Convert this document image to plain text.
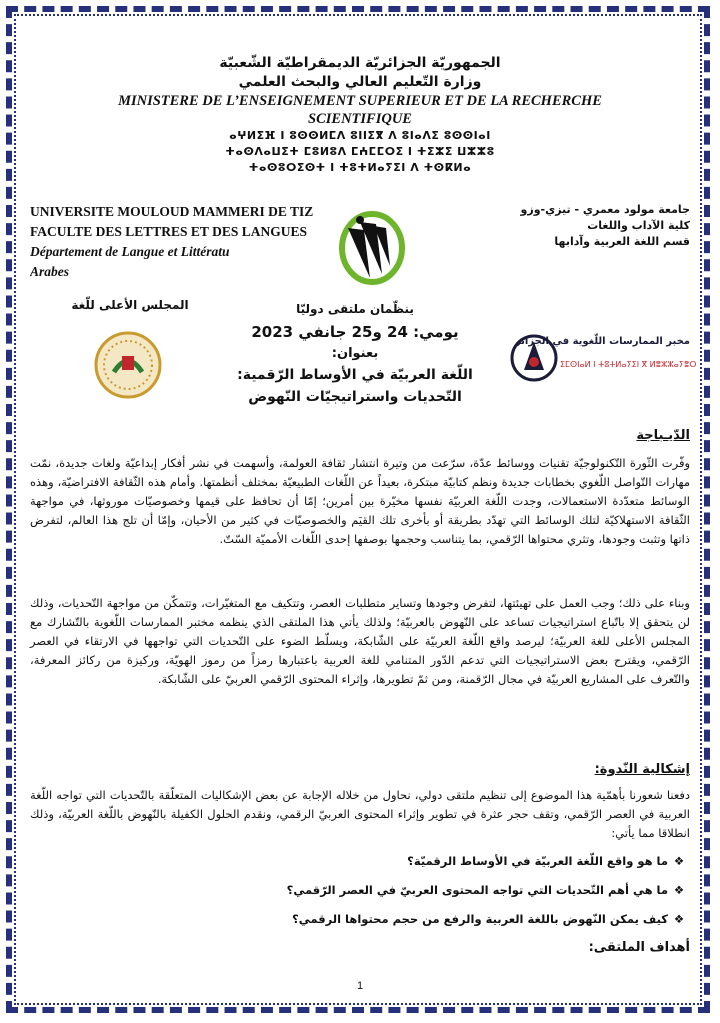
الجمهوريّة الجزائريّة الديمقراطيّة الشّعبيّة
وزارة التّعليم العالي والبحث العلمي
MINISTERE DE L’ENSEIGNEMENT SUPERIEUR ET DE LA RECHERCHE
SCIENTIFIQUE
ⴰⵖⵍⵉⴼ ⵏ ⵓⵙⵙⵍⵎⴷ ⵓⵏⵏⵉⴳ ⴷ ⵓⵏⴰⴷⵉ ⵓⵙⵙⵏⴰⵏ
ⵜⴰⵙⴷⴰⵡⵉⵜ ⵎⵓⵍⵓⴷ ⵎⵄⵎⵎⵔⵉ ⵏ ⵜⵉⵣⵉ ⵡⵣⵣⵓ
ⵜⴰⵙⵓⵔⵉⵙⵜ ⵏ ⵜⵓⵜⵍⴰⵢⵉⵏ ⴷ ⵜⵙⴽⵍⴰ
UNIVERSITE MOULOUD MAMMERI DE TIZ
FACULTE DES LETTRES ET DES LANGUES
Département de Langue et Littératu
Arabes
جامعة مولود معمري - تيزي-وزو
كلية الآداب واللغات
قسم اللغة العربية وآدابها
المجلس الأعلى للّغة	ينظّمان ملتقى دوليّا
يومي: 24 و25 جانفي 2023
بعنوان:
اللّغة العربيّة في الأوساط الرّقمية:
التّحديات واستراتيجيّات النّهوض
مخبر الممارسات اللّغوية في الجزائر
ⵉⵎⵙⵏⴰⵍ ⵏ ⵜⵓⵜⵍⴰⵢⵉⵏ ⴳ ⵍⴻⵣⵣⴰⵢⴻⵔ
الدّيـباجة
وفّرت الثّورة التّكنولوجيّة تقنيات ووسائط عدّة، سرّعت من وتيرة انتشار ثقافة العولمة، وأسهمت في نشر أفكار إبداعيّة ولغات جديدة، نمّت مهارات التّواصل اللّغوي بخطابات جديدة ونظم كتابيّة مبتكرة، بعيداً عن اللّغات الطبيعيّة بمختلف أنظمتها. وأمام هذه الثّقافة الافتراضيّة، وهذه الوسائط متعدّدة الاستعمالات، وجدت اللّغة العربيّة نفسها مخيّرة بين أمرين؛ إمّا أن تحافظ على قيمها وخصوصيّات موروثها، في مواجهة الثّقافة الاستهلاكيّة لتلك الوسائط التي تهدّد بطريقة أو بأخرى تلك القيَم والخصوصيّات في كثير من الأحيان، وإمّا أن تلج هذا العالم، لتفرض ذاتها وتثبت وجودها، وتثري محتواها الرّقمي، بما يتناسب وحجمها بوصفها إحدى اللّغات الأمميّة السّتّ.
وبناء على ذلك؛ وجب العمل على تهيئتها، لتفرض وجودها وتساير متطلبات العصر، وتتكيف مع المتغيّرات، وتتمكّن من مواجهة التّحديات، وذلك لن يتحقق إلا باتّباع استراتيجيات تساعد على النّهوض بالعربيّة؛ ولذلك يأتي هذا الملتقى الذي ينظمه مختبر الممارسات اللّغوية بالتّشارك مع المجلس الأعلى للغة العربيّة؛ ليرصد واقع اللّغة العربيّة على الشّابكة، ويسلّط الضوء على التّحديات التي تواجهها في الارتقاء في العصر الرّقمي، ويقترح بعض الاستراتيجيات التي تدعم الدّور المتنامي للغة العربية باعتبارها رمزاً من رموز الهويّة، وركيزة من ركائز المعرفة، والتّعرف على المشاريع العربيّة في مجال الرّقمنة، ومن ثمّ تطويرها، وإثراء المحتوى الرّقمي العربيّ على الشّابكة.
إشكالية النّدوة:
دفعنا شعورنا بأهمّية هذا الموضوع إلى تنظيم ملتقى دولي، نحاول من خلاله الإجابة عن بعض الإشكاليات المتعلّقة بالتّحديات التي تواجه اللّغة العربية في العصر الرّقمي، وتقف حجر عثرة في تطوير وإثراء المحتوى العربيّ الرقمي، ونقدم الحلول الكفيلة بالنّهوض باللّغة العربيّة، وذلك انطلاقا مما يأتي:
❖ما هو واقع اللّغة العربيّة في الأوساط الرقميّة؟
❖ما هي أهم التّحديات التي تواجه المحتوى العربيّ في العصر الرّقمي؟
❖كيف يمكن النّهوض باللغة العربية والرفع من حجم محتواها الرقمي؟
أهداف الملتقى:
1
